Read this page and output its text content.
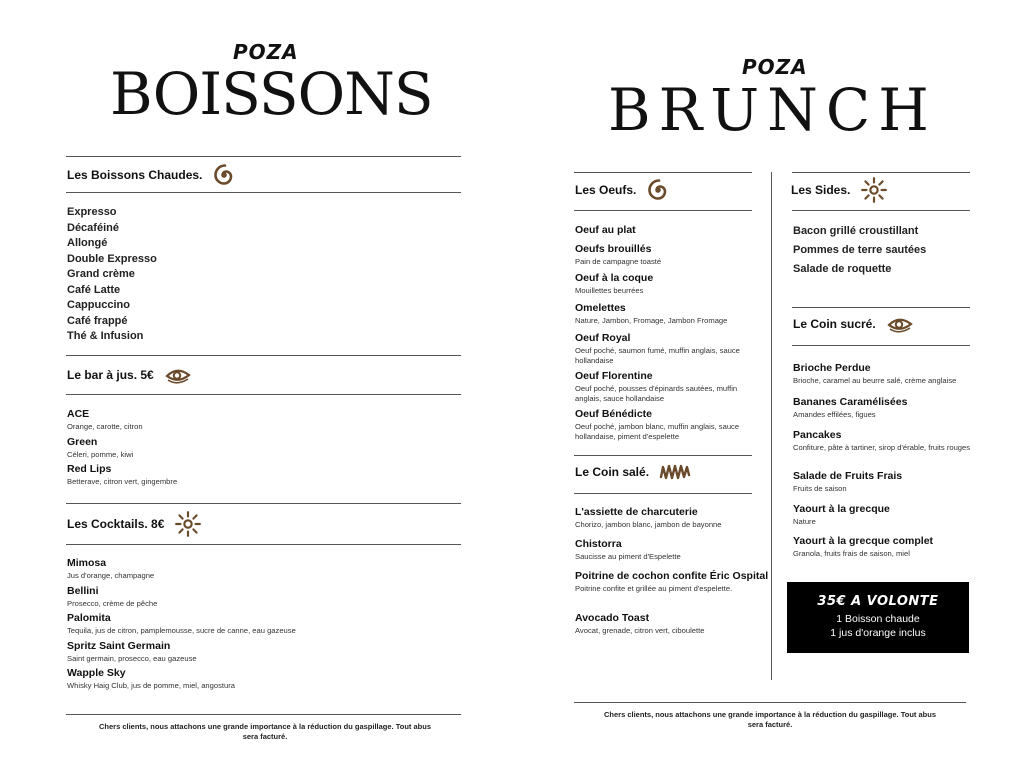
POZA
BOISSONS
Les Boissons Chaudes.
Expresso
Décaféiné
Allongé
Double Expresso
Grand crème
Café Latte
Cappuccino
Café frappé
Thé & Infusion
Le bar à jus. 5€
ACE
Orange, carotte, citron
Green
Céleri, pomme, kiwi
Red Lips
Betterave, citron vert, gingembre
Les Cocktails. 8€
Mimosa
Jus d'orange, champagne
Bellini
Prosecco, crème de pêche
Palomita
Tequila, jus de citron, pamplemousse, sucre de canne, eau gazeuse
Spritz Saint Germain
Saint germain, prosecco, eau gazeuse
Wapple Sky
Whisky Haig Club, jus de pomme, miel, angostura
Chers clients, nous attachons une grande importance à la réduction du gaspillage. Tout abus
sera facturé.
POZA
BRUNCH
Les Oeufs.
Oeuf au plat
Oeufs brouillés
Pain de campagne toasté
Oeuf à la coque
Mouillettes beurrées
Omelettes
Nature, Jambon, Fromage, Jambon Fromage
Oeuf Royal
Oeuf poché, saumon fumé, muffin anglais, sauce hollandaise
Oeuf Florentine
Oeuf poché, pousses d'épinards sautées, muffin anglais, sauce hollandaise
Oeuf Bénédicte
Oeuf poché, jambon blanc, muffin anglais, sauce hollandaise, piment d'espelette
Le Coin salé.
L'assiette de charcuterie
Chorizo, jambon blanc, jambon de bayonne
Chistorra
Saucisse au piment d'Espelette
Poitrine de cochon confite Éric Ospital
Poitrine confite et grillée au piment d'espelette.
Avocado Toast
Avocat, grenade, citron vert, ciboulette
Les Sides.
Bacon grillé croustillant
Pommes de terre sautées
Salade de roquette
Le Coin sucré.
Brioche Perdue
Brioche, caramel au beurre salé, crème anglaise
Bananes Caramélisées
Amandes effilées, figues
Pancakes
Confiture, pâte à tartiner, sirop d'érable, fruits rouges
Salade de Fruits Frais
Fruits de saison
Yaourt à la grecque
Nature
Yaourt à la grecque complet
Granola, fruits frais de saison, miel
35€ A VOLONTE
1 Boisson chaude
1 jus d'orange inclus
Chers clients, nous attachons une grande importance à la réduction du gaspillage. Tout abus
sera facturé.
